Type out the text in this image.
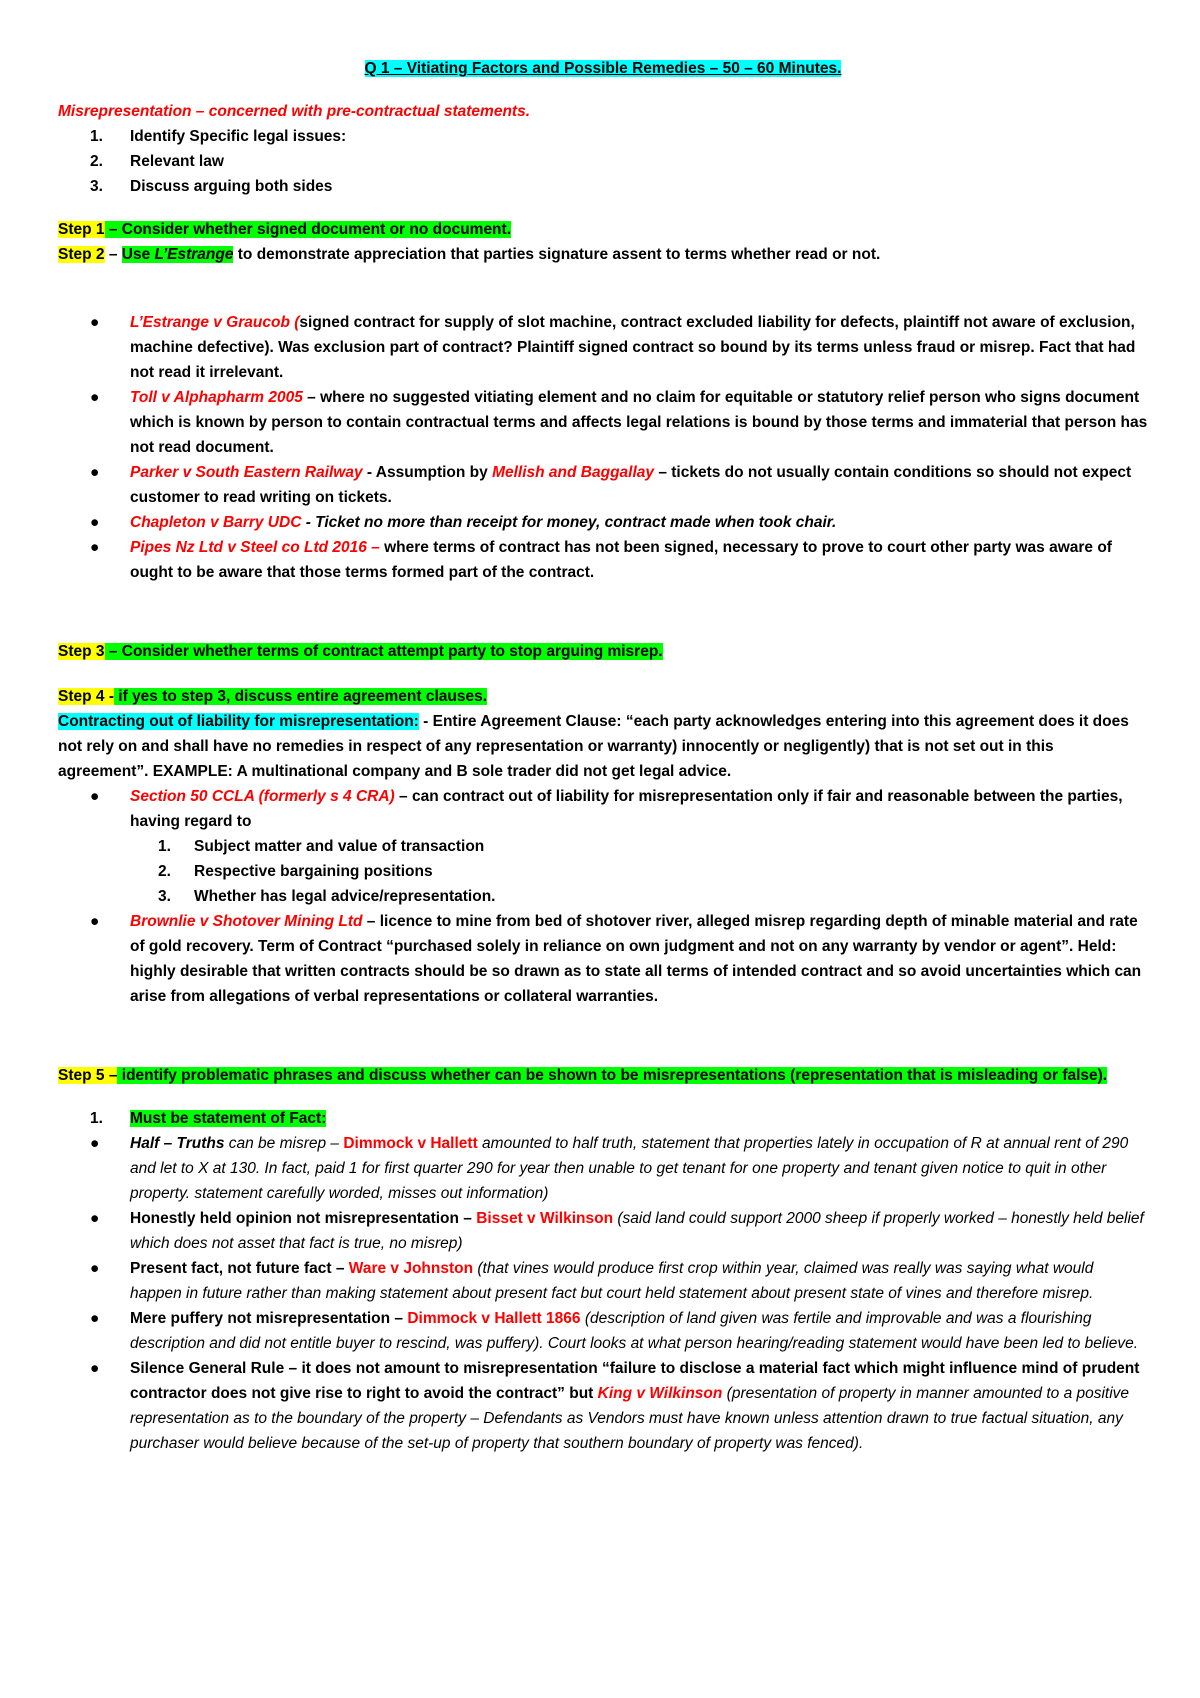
Q 1 – Vitiating Factors and Possible Remedies – 50 – 60 Minutes.

Misrepresentation – concerned with pre-contractual statements.

1. Identify Specific legal issues:
2. Relevant law
3. Discuss arguing both sides

Step 1 – Consider whether signed document or no document.

Step 2 – Use L’Estrange to demonstrate appreciation that parties signature assent to terms whether read or not.

● L’Estrange v Graucob (signed contract for supply of slot machine, contract excluded liability for defects, plaintiff not aware of exclusion, machine defective). Was exclusion part of contract? Plaintiff signed contract so bound by its terms unless fraud or misrep. Fact that had not read it irrelevant.
● Toll v Alphapharm 2005 – where no suggested vitiating element and no claim for equitable or statutory relief person who signs document which is known by person to contain contractual terms and affects legal relations is bound by those terms and immaterial that person has not read document.
● Parker v South Eastern Railway - Assumption by Mellish and Baggallay – tickets do not usually contain conditions so should not expect customer to read writing on tickets.
● Chapleton v Barry UDC - Ticket no more than receipt for money, contract made when took chair.
● Pipes Nz Ltd v Steel co Ltd 2016 – where terms of contract has not been signed, necessary to prove to court other party was aware of ought to be aware that those terms formed part of the contract.

Step 3 – Consider whether terms of contract attempt party to stop arguing misrep.

Step 4 - if yes to step 3, discuss entire agreement clauses.

Contracting out of liability for misrepresentation: - Entire Agreement Clause: “each party acknowledges entering into this agreement does it does not rely on and shall have no remedies in respect of any representation or warranty) innocently or negligently) that is not set out in this agreement”. EXAMPLE: A multinational company and B sole trader did not get legal advice.

● Section 50 CCLA (formerly s 4 CRA) – can contract out of liability for misrepresentation only if fair and reasonable between the parties, having regard to
1. Subject matter and value of transaction
2. Respective bargaining positions
3. Whether has legal advice/representation.
● Brownlie v Shotover Mining Ltd – licence to mine from bed of shotover river, alleged misrep regarding depth of minable material and rate of gold recovery. Term of Contract “purchased solely in reliance on own judgment and not on any warranty by vendor or agent”. Held: highly desirable that written contracts should be so drawn as to state all terms of intended contract and so avoid uncertainties which can arise from allegations of verbal representations or collateral warranties.

Step 5 – identify problematic phrases and discuss whether can be shown to be misrepresentations (representation that is misleading or false).

1. Must be statement of Fact:
● Half – Truths can be misrep – Dimmock v Hallett amounted to half truth, statement that properties lately in occupation of R at annual rent of 290 and let to X at 130. In fact, paid 1 for first quarter 290 for year then unable to get tenant for one property and tenant given notice to quit in other property. statement carefully worded, misses out information)
● Honestly held opinion not misrepresentation – Bisset v Wilkinson (said land could support 2000 sheep if properly worked – honestly held belief which does not asset that fact is true, no misrep)
● Present fact, not future fact – Ware v Johnston (that vines would produce first crop within year, claimed was really was saying what would happen in future rather than making statement about present fact but court held statement about present state of vines and therefore misrep.
● Mere puffery not misrepresentation – Dimmock v Hallett 1866 (description of land given was fertile and improvable and was a flourishing description and did not entitle buyer to rescind, was puffery). Court looks at what person hearing/reading statement would have been led to believe.
● Silence General Rule – it does not amount to misrepresentation “failure to disclose a material fact which might influence mind of prudent contractor does not give rise to right to avoid the contract” but King v Wilkinson (presentation of property in manner amounted to a positive representation as to the boundary of the property – Defendants as Vendors must have known unless attention drawn to true factual situation, any purchaser would believe because of the set-up of property that southern boundary of property was fenced).
